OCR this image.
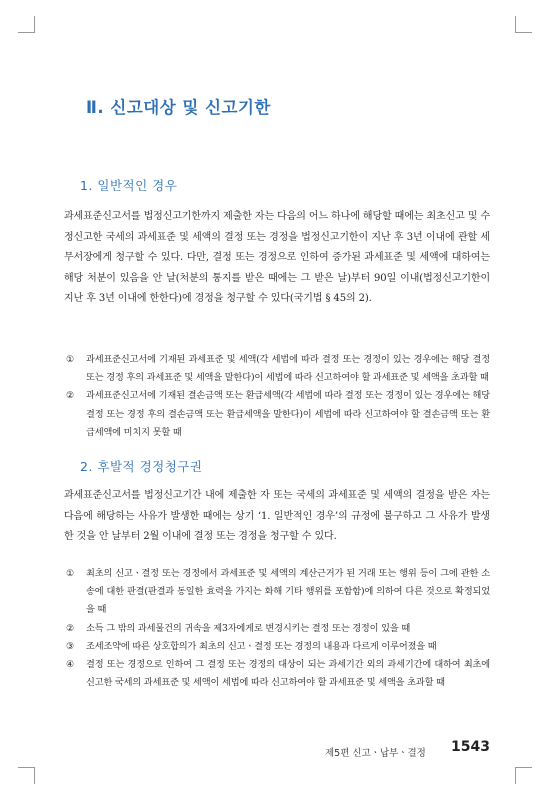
Ⅱ. 신고대상 및 신고기한
1. 일반적인 경우

과세표준신고서를 법정신고기한까지 제출한 자는 다음의 어느 하나에 해당할 때에는 최초신고 및 수정신고한 국세의 과세표준 및 세액의 결정 또는 경정을 법정신고기한이 지난 후 3년 이내에 관할 세무서장에게 청구할 수 있다. 다만, 결정 또는 경정으로 인하여 증가된 과세표준 및 세액에 대하여는 해당 처분이 있음을 안 날(처분의 통지를 받은 때에는 그 받은 날)부터 90일 이내(법정신고기한이 지난 후 3년 이내에 한한다)에 경정을 청구할 수 있다(국기법 § 45의 2).

① 과세표준신고서에 기재된 과세표준 및 세액(각 세법에 따라 결정 또는 경정이 있는 경우에는 해당 결정 또는 경정 후의 과세표준 및 세액을 말한다)이 세법에 따라 신고하여야 할 과세표준 및 세액을 초과할 때
② 과세표준신고서에 기재된 결손금액 또는 환급세액(각 세법에 따라 결정 또는 경정이 있는 경우에는 해당 결정 또는 경정 후의 결손금액 또는 환급세액을 말한다)이 세법에 따라 신고하여야 할 결손금액 또는 환급세액에 미치지 못할 때
2. 후발적 경정청구권

과세표준신고서를 법정신고기간 내에 제출한 자 또는 국세의 과세표준 및 세액의 결정을 받은 자는 다음에 해당하는 사유가 발생한 때에는 상기 ‘1. 일반적인 경우’의 규정에 불구하고 그 사유가 발생한 것을 안 날부터 2월 이내에 결정 또는 경정을 청구할 수 있다.

① 최초의 신고ㆍ결정 또는 경정에서 과세표준 및 세액의 계산근거가 된 거래 또는 행위 등이 그에 관한 소송에 대한 판결(판결과 동일한 효력을 가지는 화해 기타 행위를 포함함)에 의하여 다른 것으로 확정되었을 때
② 소득 그 밖의 과세물건의 귀속을 제3자에게로 변경시키는 결정 또는 경정이 있을 때
③ 조세조약에 따른 상호합의가 최초의 신고ㆍ결정 또는 경정의 내용과 다르게 이루어졌을 때
④ 결정 또는 경정으로 인하여 그 결정 또는 경정의 대상이 되는 과세기간 외의 과세기간에 대하여 최초에 신고한 국세의 과세표준 및 세액이 세법에 따라 신고하여야 할 과세표준 및 세액을 초과할 때
제5편 신고ㆍ납부ㆍ결정 1543
